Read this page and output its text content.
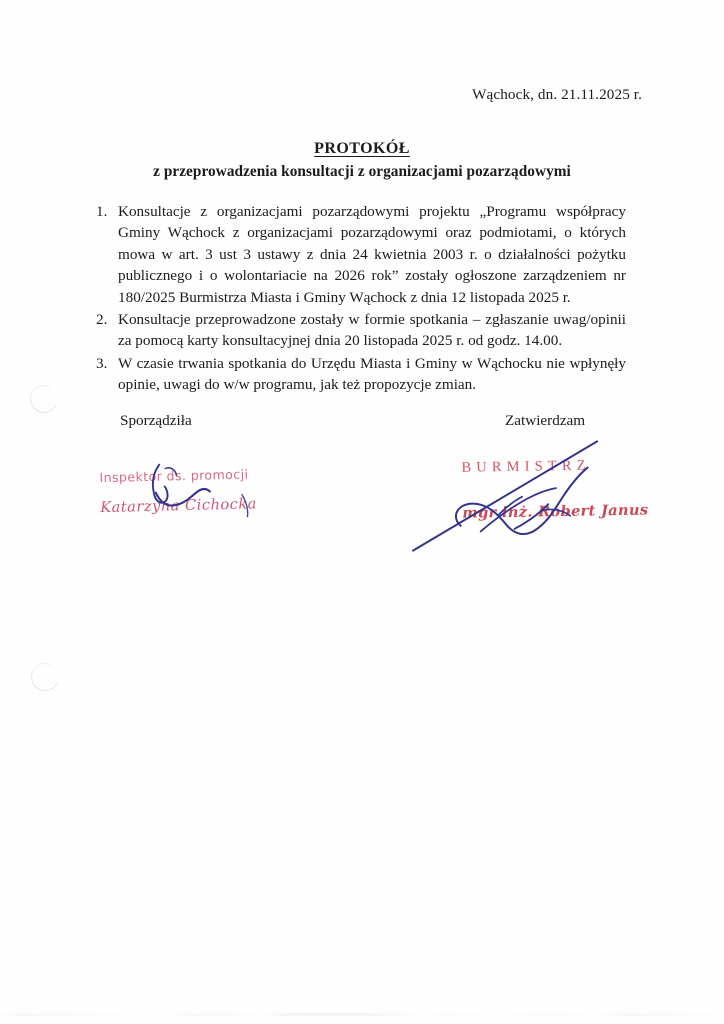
Wąchock, dn. 21.11.2025 r.
PROTOKÓŁ
z przeprowadzenia konsultacji z organizacjami pozarządowymi
1. Konsultacje z organizacjami pozarządowymi projektu „Programu współpracy Gminy Wąchock z organizacjami pozarządowymi oraz podmiotami, o których mowa w art. 3 ust 3 ustawy z dnia 24 kwietnia 2003 r. o działalności pożytku publicznego i o wolontariacie na 2026 rok” zostały ogłoszone zarządzeniem nr 180/2025 Burmistrza Miasta i Gminy Wąchock z dnia 12 listopada 2025 r.
2. Konsultacje przeprowadzone zostały w formie spotkania – zgłaszanie uwag/opinii za pomocą karty konsultacyjnej dnia 20 listopada 2025 r. od godz. 14.00.
3. W czasie trwania spotkania do Urzędu Miasta i Gminy w Wąchocku nie wpłynęły opinie, uwagi do w/w programu, jak też propozycje zmian.
Sporządziła	Zatwierdzam
Inspektor ds. promocji
Katarzyna Cichocka
BURMISTRZ
mgr inż. Robert Janus
